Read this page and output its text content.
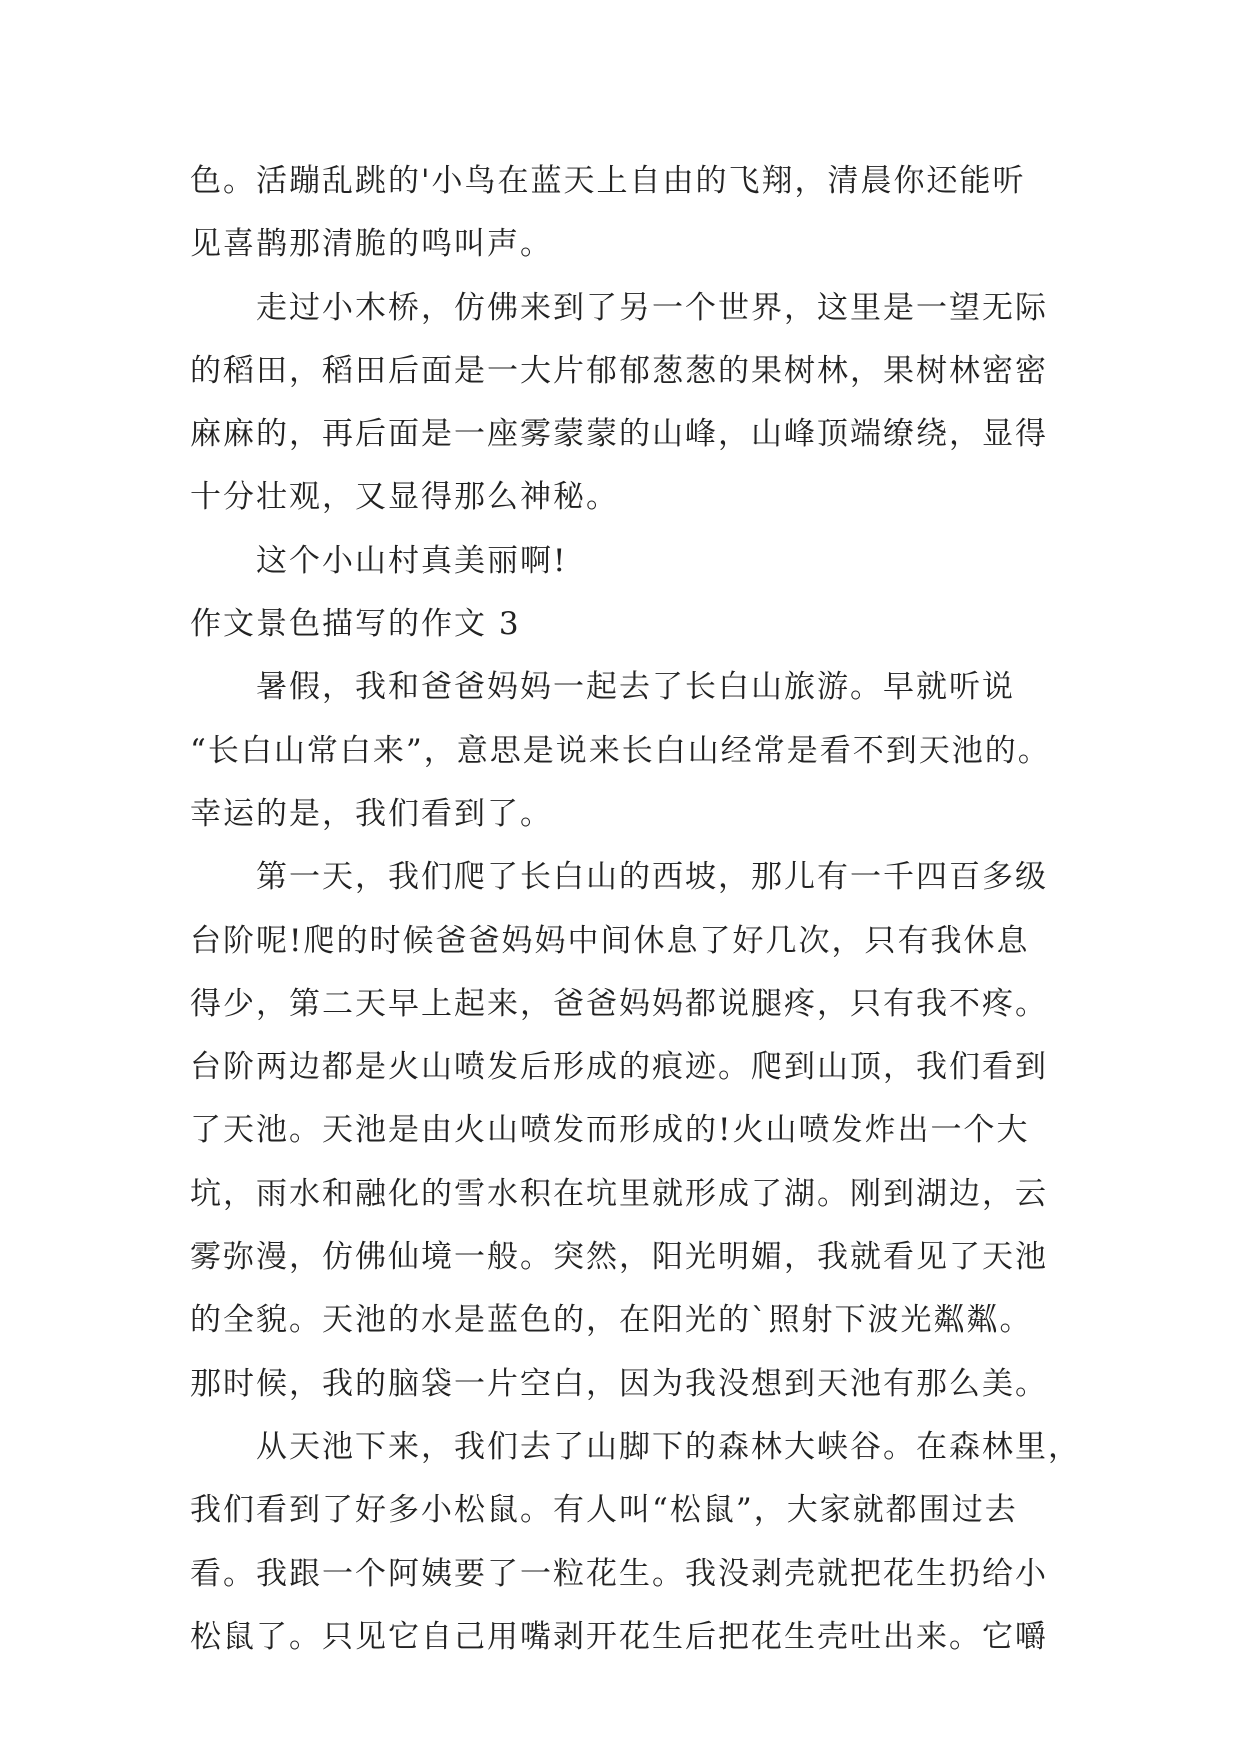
色。活蹦乱跳的'小鸟在蓝天上自由的飞翔，清晨你还能听
见喜鹊那清脆的鸣叫声。
走过小木桥，仿佛来到了另一个世界，这里是一望无际
的稻田，稻田后面是一大片郁郁葱葱的果树林，果树林密密
麻麻的，再后面是一座雾蒙蒙的山峰，山峰顶端缭绕，显得
十分壮观，又显得那么神秘。
这个小山村真美丽啊!
作文景色描写的作文 3
暑假，我和爸爸妈妈一起去了长白山旅游。早就听说
“长白山常白来”，意思是说来长白山经常是看不到天池的。
幸运的是，我们看到了。
第一天，我们爬了长白山的西坡，那儿有一千四百多级
台阶呢!爬的时候爸爸妈妈中间休息了好几次，只有我休息
得少，第二天早上起来，爸爸妈妈都说腿疼，只有我不疼。
台阶两边都是火山喷发后形成的痕迹。爬到山顶，我们看到
了天池。天池是由火山喷发而形成的!火山喷发炸出一个大
坑，雨水和融化的雪水积在坑里就形成了湖。刚到湖边，云
雾弥漫，仿佛仙境一般。突然，阳光明媚，我就看见了天池
的全貌。天池的水是蓝色的，在阳光的`照射下波光粼粼。
那时候，我的脑袋一片空白，因为我没想到天池有那么美。
从天池下来，我们去了山脚下的森林大峡谷。在森林里，
我们看到了好多小松鼠。有人叫“松鼠”，大家就都围过去
看。我跟一个阿姨要了一粒花生。我没剥壳就把花生扔给小
松鼠了。只见它自己用嘴剥开花生后把花生壳吐出来。它嚼
